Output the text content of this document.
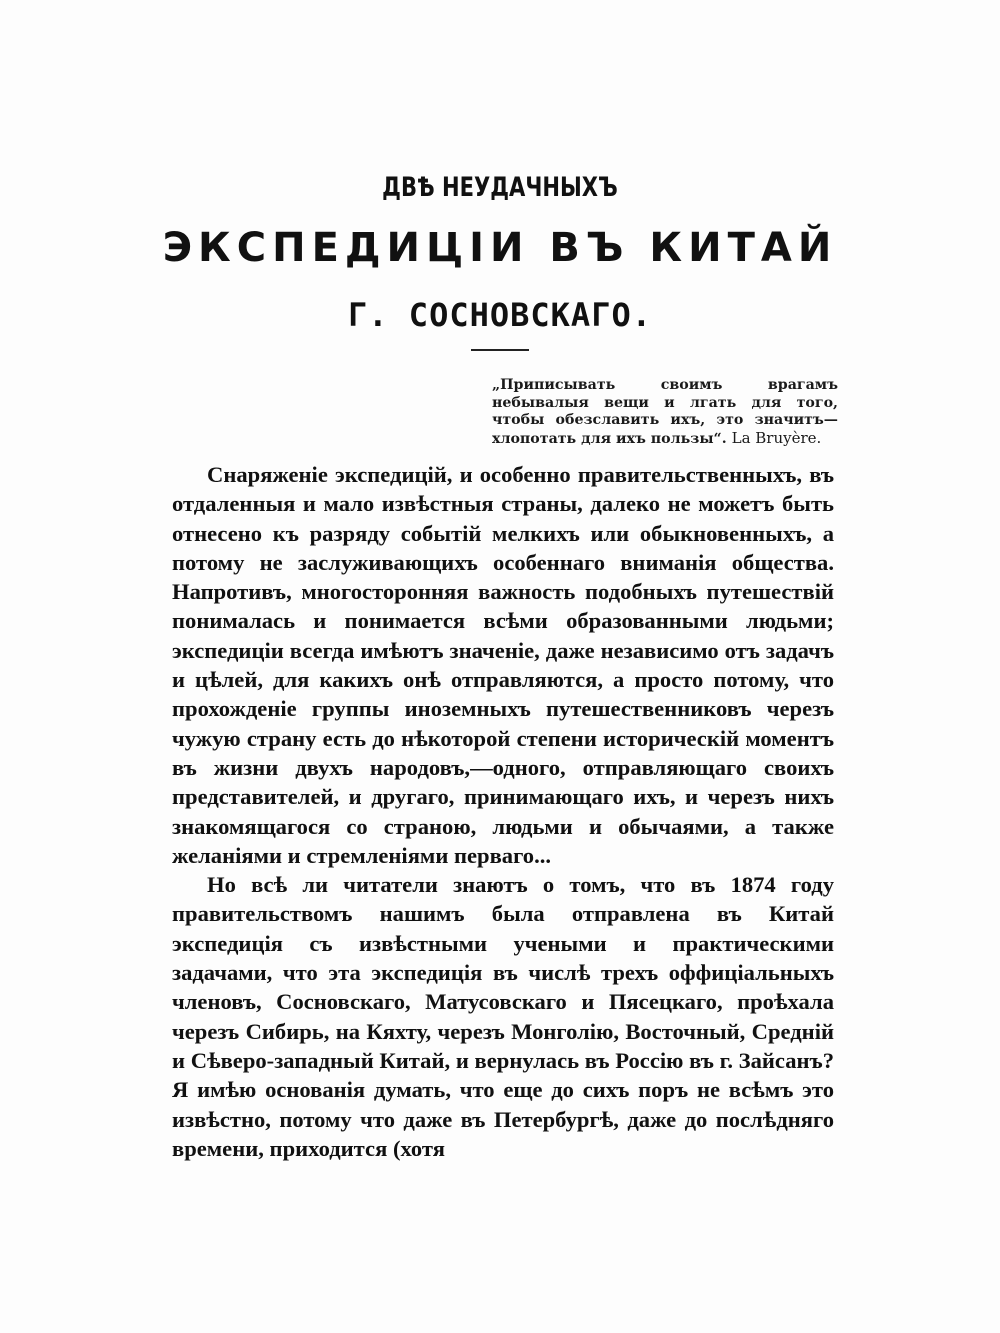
ДВѢ НЕУДАЧНЫХЪ
ЭКСПЕДИЦІИ ВЪ КИТАЙ
Г. СОСНОВСКАГО.
„Приписывать своимъ врагамъ небывалыя вещи и лгать для того, чтобы обезславить ихъ, это значитъ—хлопотать для ихъ пользы“. La Bruyère.

Снаряженіе экспедицій, и особенно правительственныхъ, въ отдаленныя и мало извѣстныя страны, далеко не можетъ быть отнесено къ разряду событій мелкихъ или обыкновенныхъ, а потому не заслуживающихъ особеннаго вниманія общества. Напротивъ, многосторонняя важность подобныхъ путешествій понималась и понимается всѣми образованными людьми; экспедиціи всегда имѣютъ значеніе, даже независимо отъ задачъ и цѣлей, для какихъ онѣ отправляются, а просто потому, что прохожденіе группы иноземныхъ путешественниковъ черезъ чужую страну есть до нѣкоторой степени историческій моментъ въ жизни двухъ народовъ,—одного, отправляющаго своихъ представителей, и другаго, принимающаго ихъ, и черезъ нихъ знакомящагося со страною, людьми и обычаями, а также желаніями и стремленіями перваго...

Но всѣ ли читатели знаютъ о томъ, что въ 1874 году правительствомъ нашимъ была отправлена въ Китай экспедиція съ извѣстными учеными и практическими задачами, что эта экспедиція въ числѣ трехъ оффиціальныхъ членовъ, Сосновскаго, Матусовскаго и Пясецкаго, проѣхала черезъ Сибирь, на Кяхту, черезъ Монголію, Восточный, Средній и Сѣверо-западный Китай, и вернулась въ Россію въ г. Зайсанъ? Я имѣю основанія думать, что еще до сихъ поръ не всѣмъ это извѣстно, потому что даже въ Петербургѣ, даже до послѣдняго времени, приходится (хотя
